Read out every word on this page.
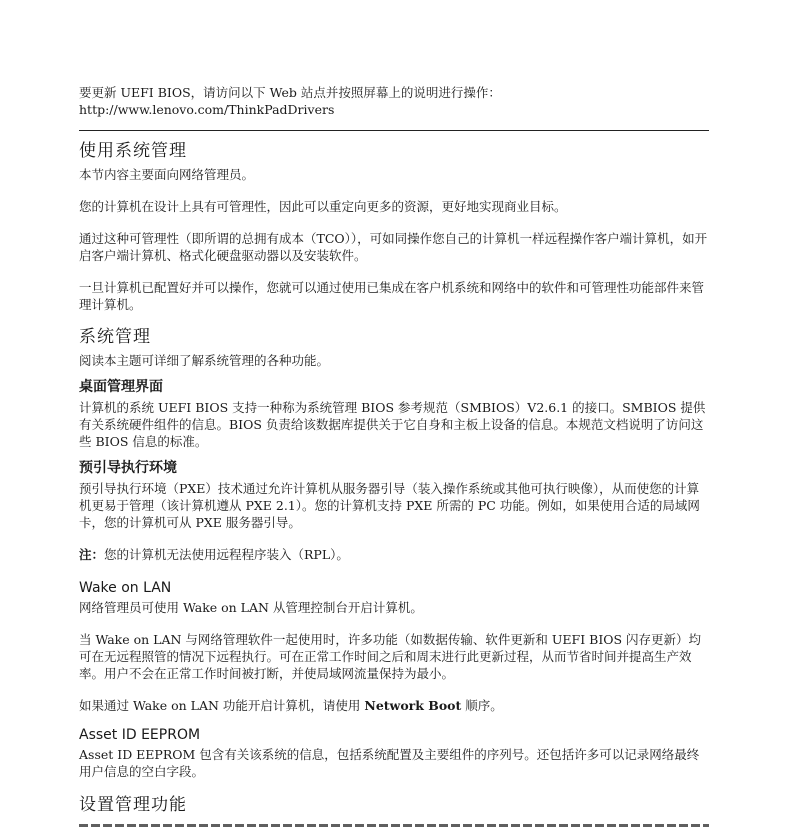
要更新 UEFI BIOS，请访问以下 Web 站点并按照屏幕上的说明进行操作：
http://www.lenovo.com/ThinkPadDrivers

使用系统管理

本节内容主要面向网络管理员。

您的计算机在设计上具有可管理性，因此可以重定向更多的资源，更好地实现商业目标。

通过这种可管理性（即所谓的总拥有成本（TCO）），可如同操作您自己的计算机一样远程操作客户端计算机，如开启客户端计算机、格式化硬盘驱动器以及安装软件。

一旦计算机已配置好并可以操作，您就可以通过使用已集成在客户机系统和网络中的软件和可管理性功能部件来管理计算机。

系统管理

阅读本主题可详细了解系统管理的各种功能。

桌面管理界面

计算机的系统 UEFI BIOS 支持一种称为系统管理 BIOS 参考规范（SMBIOS）V2.6.1 的接口。SMBIOS 提供有关系统硬件组件的信息。BIOS 负责给该数据库提供关于它自身和主板上设备的信息。本规范文档说明了访问这些 BIOS 信息的标准。

预引导执行环境

预引导执行环境（PXE）技术通过允许计算机从服务器引导（装入操作系统或其他可执行映像），从而使您的计算机更易于管理（该计算机遵从 PXE 2.1）。您的计算机支持 PXE 所需的 PC 功能。例如，如果使用合适的局域网卡，您的计算机可从 PXE 服务器引导。

注：您的计算机无法使用远程程序装入（RPL）。

Wake on LAN

网络管理员可使用 Wake on LAN 从管理控制台开启计算机。

当 Wake on LAN 与网络管理软件一起使用时，许多功能（如数据传输、软件更新和 UEFI BIOS 闪存更新）均可在无远程照管的情况下远程执行。可在正常工作时间之后和周末进行此更新过程，从而节省时间并提高生产效率。用户不会在正常工作时间被打断，并使局域网流量保持为最小。

如果通过 Wake on LAN 功能开启计算机，请使用 Network Boot 顺序。

Asset ID EEPROM

Asset ID EEPROM 包含有关该系统的信息，包括系统配置及主要组件的序列号。还包括许多可以记录网络最终用户信息的空白字段。

设置管理功能
